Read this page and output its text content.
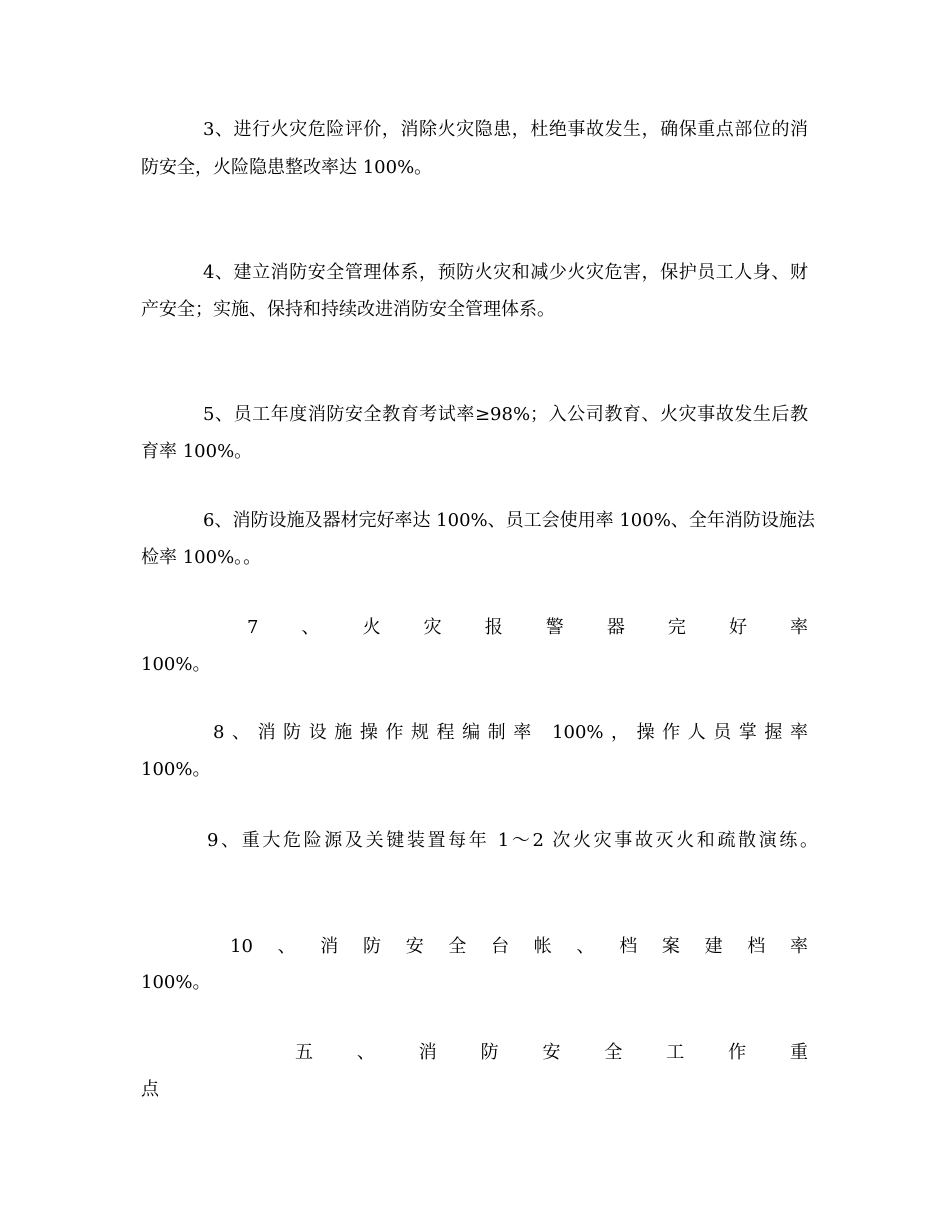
3、进行火灾危险评价，消除火灾隐患，杜绝事故发生，确保重点部位的消
防安全，火险隐患整改率达 100%。
4、建立消防安全管理体系，预防火灾和减少火灾危害，保护员工人身、财
产安全；实施、保持和持续改进消防安全管理体系。
5、员工年度消防安全教育考试率≥98%；入公司教育、火灾事故发生后教
育率 100%。
6、消防设施及器材完好率达 100%、员工会使用率 100%、全年消防设施法
检率 100%。。
7、火灾报警器完好率
100%。
8、消防设施操作规程编制率 100%，操作人员掌握率
100%。
9、重大危险源及关键装置每年 1～2 次火灾事故灭火和疏散演练。
10、消防安全台帐、档案建档率
100%。
五、消防安全工作重
点
